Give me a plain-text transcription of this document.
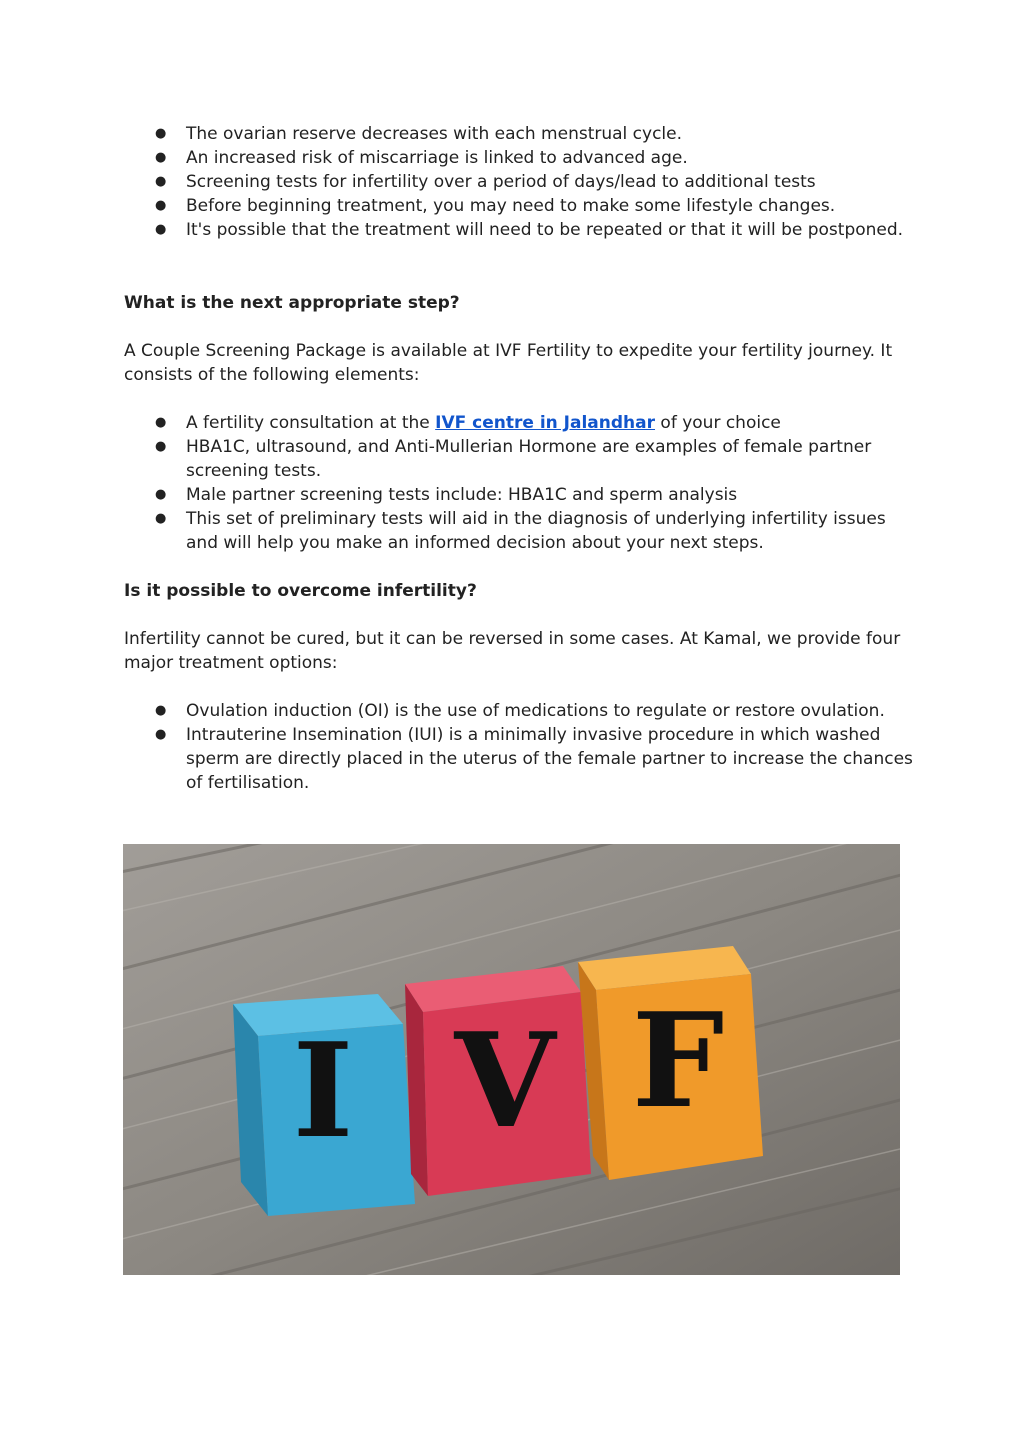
●	The ovarian reserve decreases with each menstrual cycle.
●	An increased risk of miscarriage is linked to advanced age.
●	Screening tests for infertility over a period of days/lead to additional tests
●	Before beginning treatment, you may need to make some lifestyle changes.
●	It's possible that the treatment will need to be repeated or that it will be postponed.

What is the next appropriate step?

A Couple Screening Package is available at IVF Fertility to expedite your fertility journey. It consists of the following elements:

●	A fertility consultation at the IVF centre in Jalandhar of your choice
●	HBA1C, ultrasound, and Anti-Mullerian Hormone are examples of female partner screening tests.
●	Male partner screening tests include: HBA1C and sperm analysis
●	This set of preliminary tests will aid in the diagnosis of underlying infertility issues and will help you make an informed decision about your next steps.

Is it possible to overcome infertility?

Infertility cannot be cured, but it can be reversed in some cases. At Kamal, we provide four major treatment options:

●	Ovulation induction (OI) is the use of medications to regulate or restore ovulation.
●	Intrauterine Insemination (IUI) is a minimally invasive procedure in which washed sperm are directly placed in the uterus of the female partner to increase the chances of fertilisation.
I V F
